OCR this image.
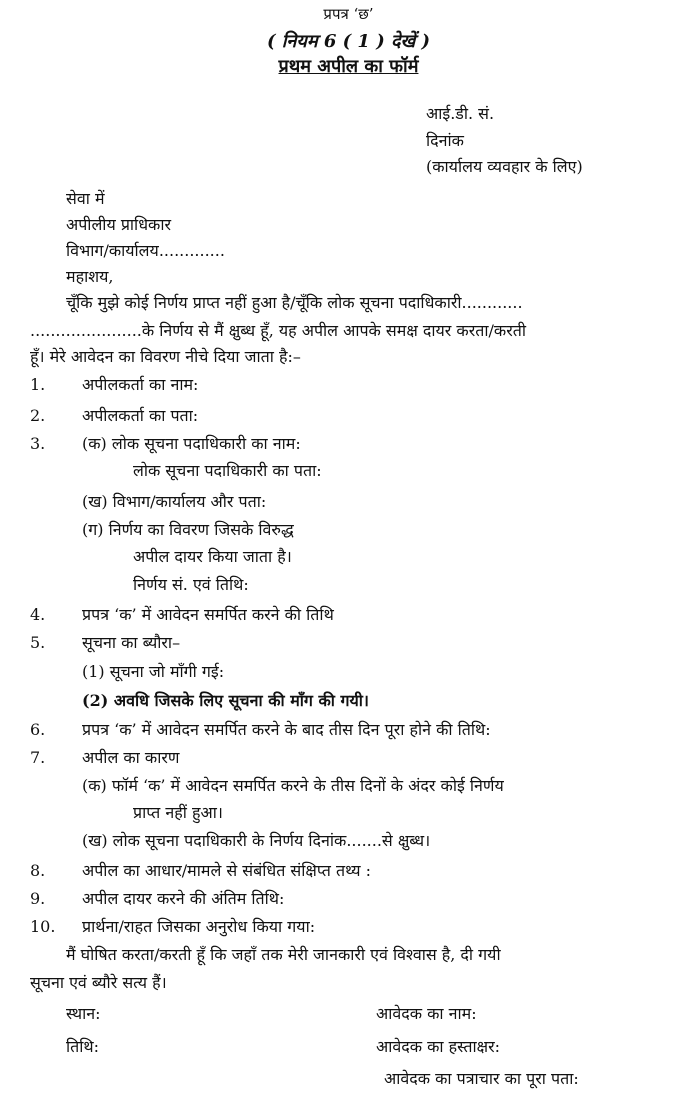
प्रपत्र ‘छ’
( नियम 6 ( 1 ) देखें )
प्रथम अपील का फॉर्म
आई.डी. सं.
दिनांक
(कार्यालय व्यवहार के लिए)
सेवा में
अपीलीय प्राधिकार
विभाग/कार्यालय.............
महाशय,
चूँकि मुझे कोई निर्णय प्राप्त नहीं हुआ है/चूँकि लोक सूचना पदाधिकारी............
......................के निर्णय से मैं क्षुब्ध हूँ, यह अपील आपके समक्ष दायर करता/करती
हूँ। मेरे आवेदन का विवरण नीचे दिया जाता है:–
1. अपीलकर्ता का नाम:
2. अपीलकर्ता का पता:
3. (क) लोक सूचना पदाधिकारी का नाम:
लोक सूचना पदाधिकारी का पता:
(ख) विभाग/कार्यालय और पता:
(ग) निर्णय का विवरण जिसके विरुद्ध
अपील दायर किया जाता है।
निर्णय सं. एवं तिथि:
4. प्रपत्र ‘क’ में आवेदन समर्पित करने की तिथि
5. सूचना का ब्यौरा–
(1) सूचना जो माँगी गई:
(2) अवधि जिसके लिए सूचना की माँग की गयी।
6. प्रपत्र ‘क’ में आवेदन समर्पित करने के बाद तीस दिन पूरा होने की तिथि:
7. अपील का कारण
(क) फॉर्म ‘क’ में आवेदन समर्पित करने के तीस दिनों के अंदर कोई निर्णय
प्राप्त नहीं हुआ।
(ख) लोक सूचना पदाधिकारी के निर्णय दिनांक.......से क्षुब्ध।
8. अपील का आधार/मामले से संबंधित संक्षिप्त तथ्य :
9. अपील दायर करने की अंतिम तिथि:
10. प्रार्थना/राहत जिसका अनुरोध किया गया:
मैं घोषित करता/करती हूँ कि जहाँ तक मेरी जानकारी एवं विश्वास है, दी गयी
सूचना एवं ब्यौरे सत्य हैं।
स्थान:
तिथि:
आवेदक का नाम:
आवेदक का हस्ताक्षर:
आवेदक का पत्राचार का पूरा पता:
